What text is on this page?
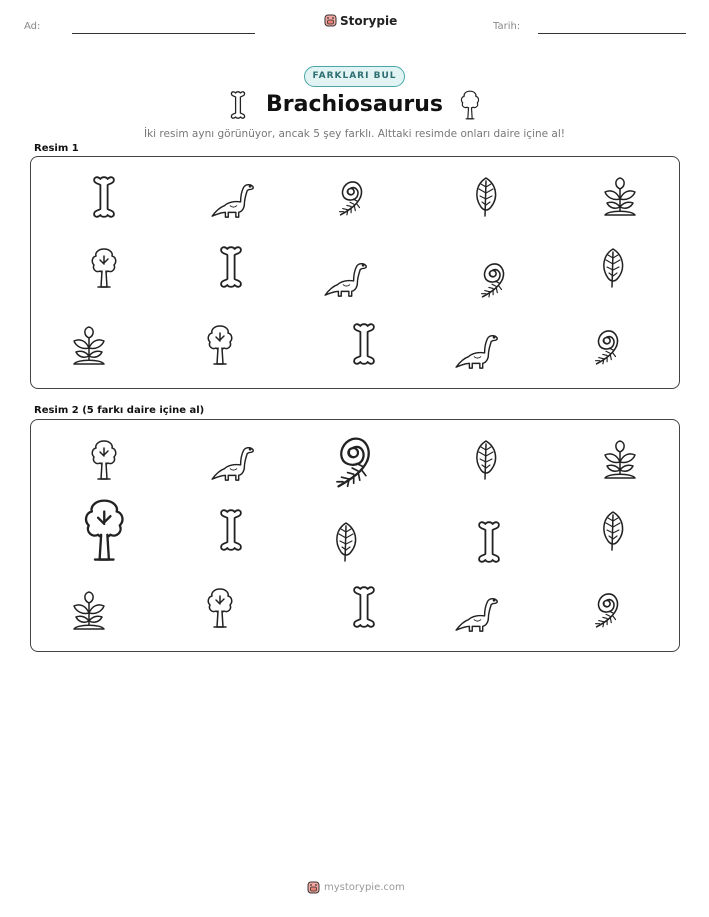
Ad:	Tarih:
Storypie
FARKLARI BUL
Brachiosaurus
İki resim aynı görünüyor, ancak 5 şey farklı. Alttaki resimde onları daire içine al!
Resim 1
Resim 2 (5 farkı daire içine al)
mystorypie.com
